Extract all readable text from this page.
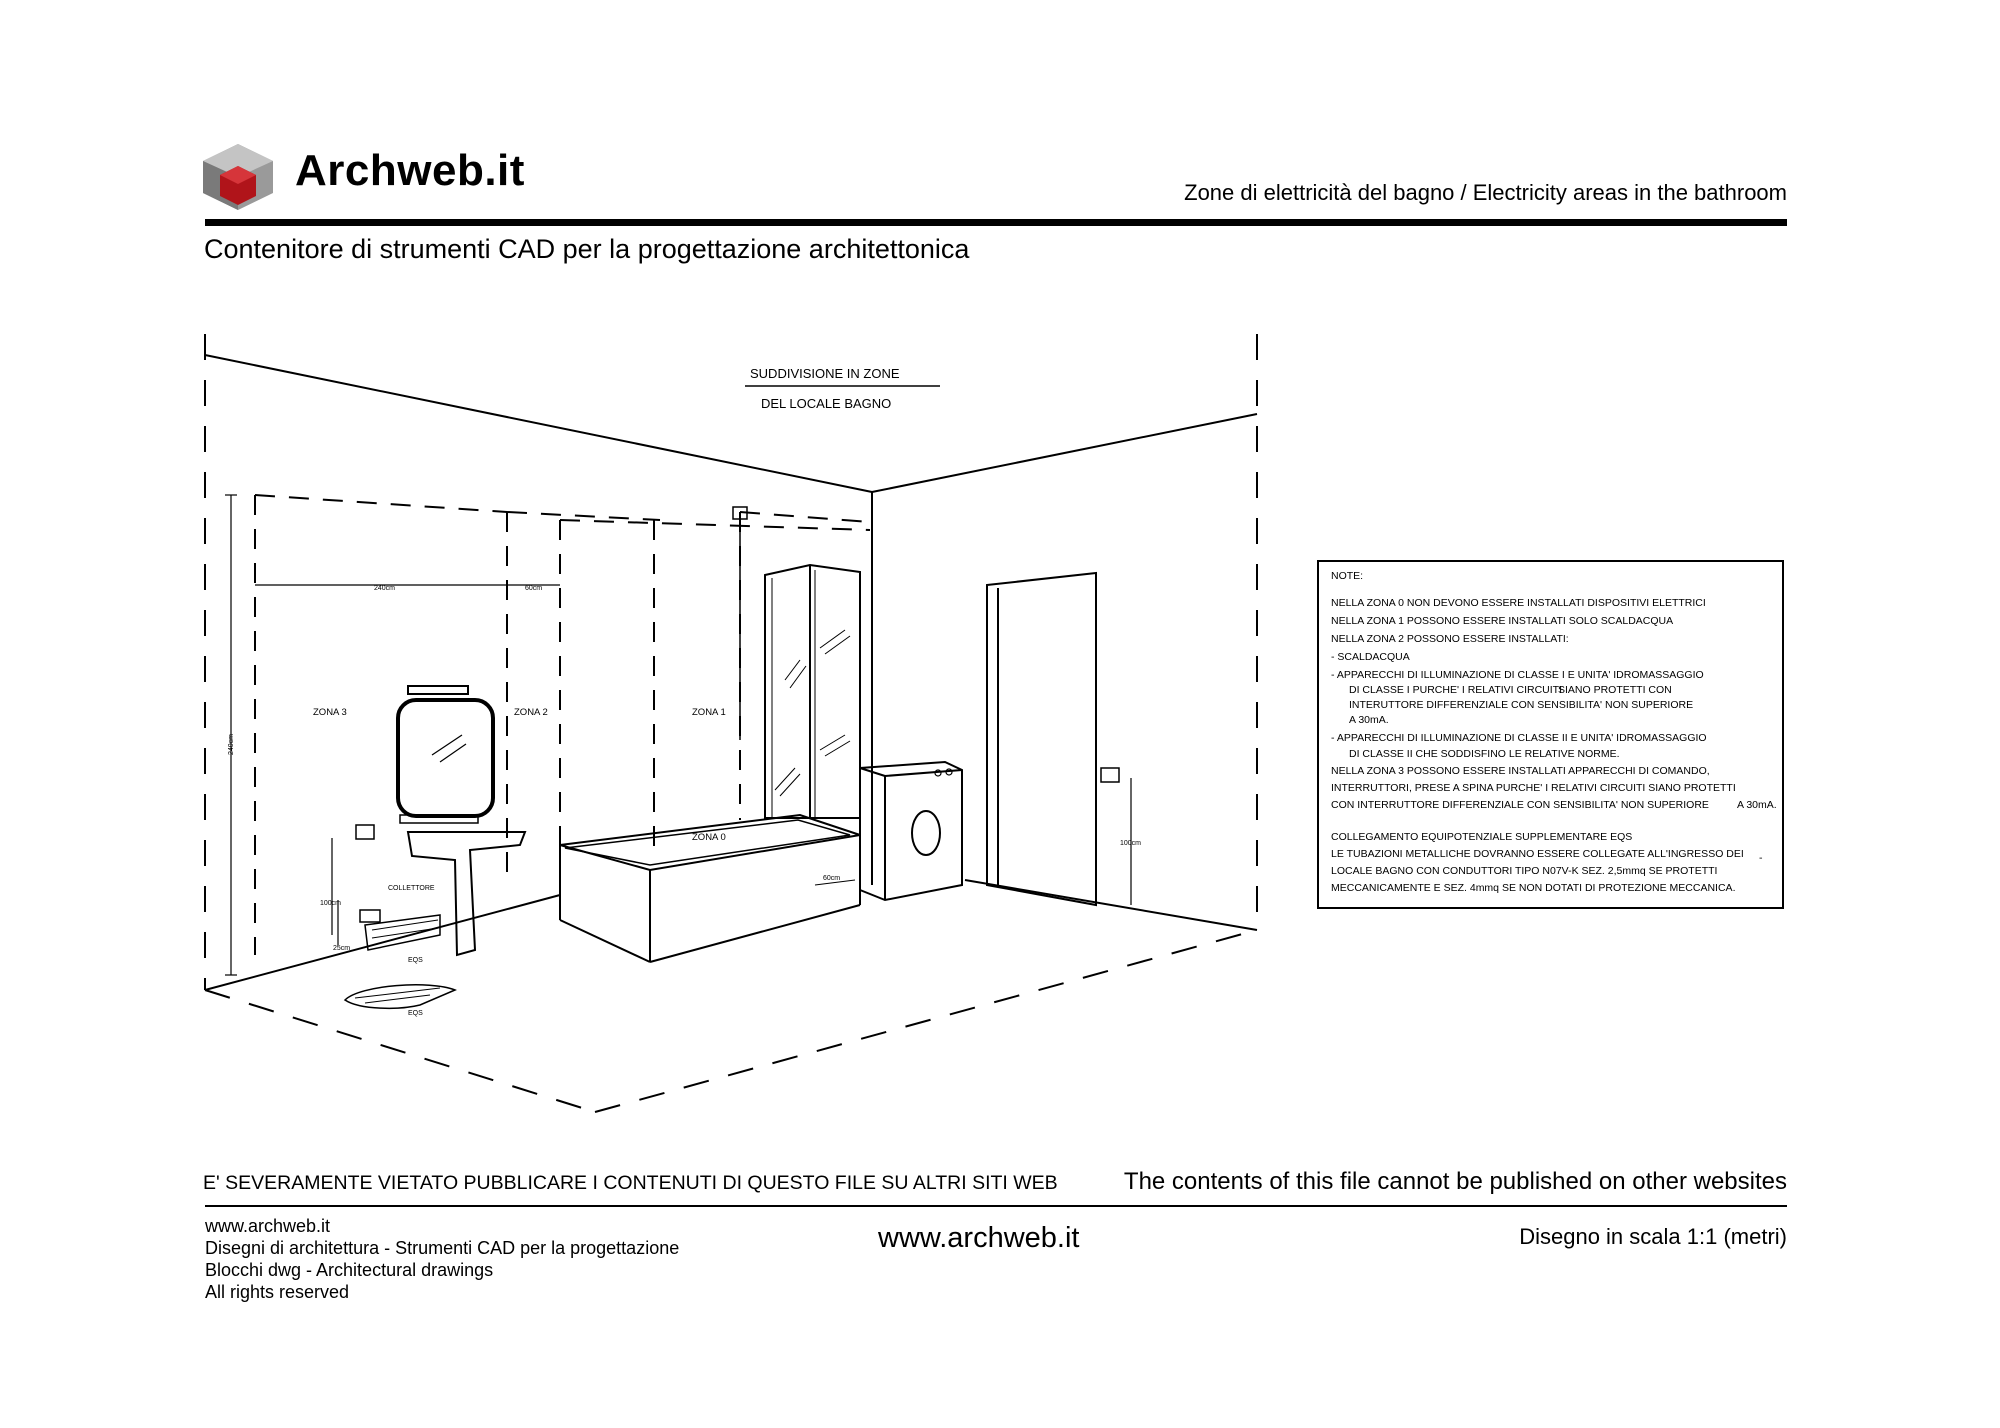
Archweb.it	Zone di elettricità del bagno / Electricity areas in the bathroom
Contenitore di strumenti CAD per la progettazione architettonica
SUDDIVISIONE IN ZONE
DEL LOCALE BAGNO
ZONA 3	ZONA 2	ZONA 1
ZONA 0
240cm	60cm
240cm
100cm
25cm
100cm
60cm
COLLETTORE
EQS
EQS
NOTE:
NELLA ZONA 0 NON DEVONO ESSERE INSTALLATI DISPOSITIVI ELETTRICI
NELLA ZONA 1 POSSONO ESSERE INSTALLATI SOLO SCALDACQUA
NELLA ZONA 2 POSSONO ESSERE INSTALLATI:
- SCALDACQUA
- APPARECCHI DI ILLUMINAZIONE DI CLASSE I E UNITA' IDROMASSAGGIO
DI CLASSE I PURCHE' I RELATIVI CIRCUITI
SIANO PROTETTI CON
INTERUTTORE DIFFERENZIALE CON SENSIBILITA' NON SUPERIORE
A 30mA.
- APPARECCHI DI ILLUMINAZIONE DI CLASSE II E UNITA' IDROMASSAGGIO
DI CLASSE II CHE SODDISFINO LE RELATIVE NORME.
NELLA ZONA 3 POSSONO ESSERE INSTALLATI APPARECCHI DI COMANDO,
INTERRUTTORI, PRESE A SPINA PURCHE' I RELATIVI CIRCUITI SIANO PROTETTI
CON INTERRUTTORE DIFFERENZIALE CON SENSIBILITA' NON SUPERIORE	A 30mA.
COLLEGAMENTO EQUIPOTENZIALE SUPPLEMENTARE EQS
LE TUBAZIONI METALLICHE DOVRANNO ESSERE COLLEGATE ALL'INGRESSO DEI
LOCALE BAGNO CON CONDUTTORI TIPO N07V-K SEZ. 2,5mmq SE PROTETTI
MECCANICAMENTE E SEZ. 4mmq SE NON DOTATI DI PROTEZIONE MECCANICA.
-
E' SEVERAMENTE VIETATO PUBBLICARE I CONTENUTI DI QUESTO FILE SU ALTRI SITI WEB	The contents of this file cannot be published on other websites
www.archweb.it
Disegni di architettura - Strumenti CAD per la progettazione
Blocchi dwg - Architectural drawings
All rights reserved
www.archweb.it	Disegno in scala 1:1 (metri)
